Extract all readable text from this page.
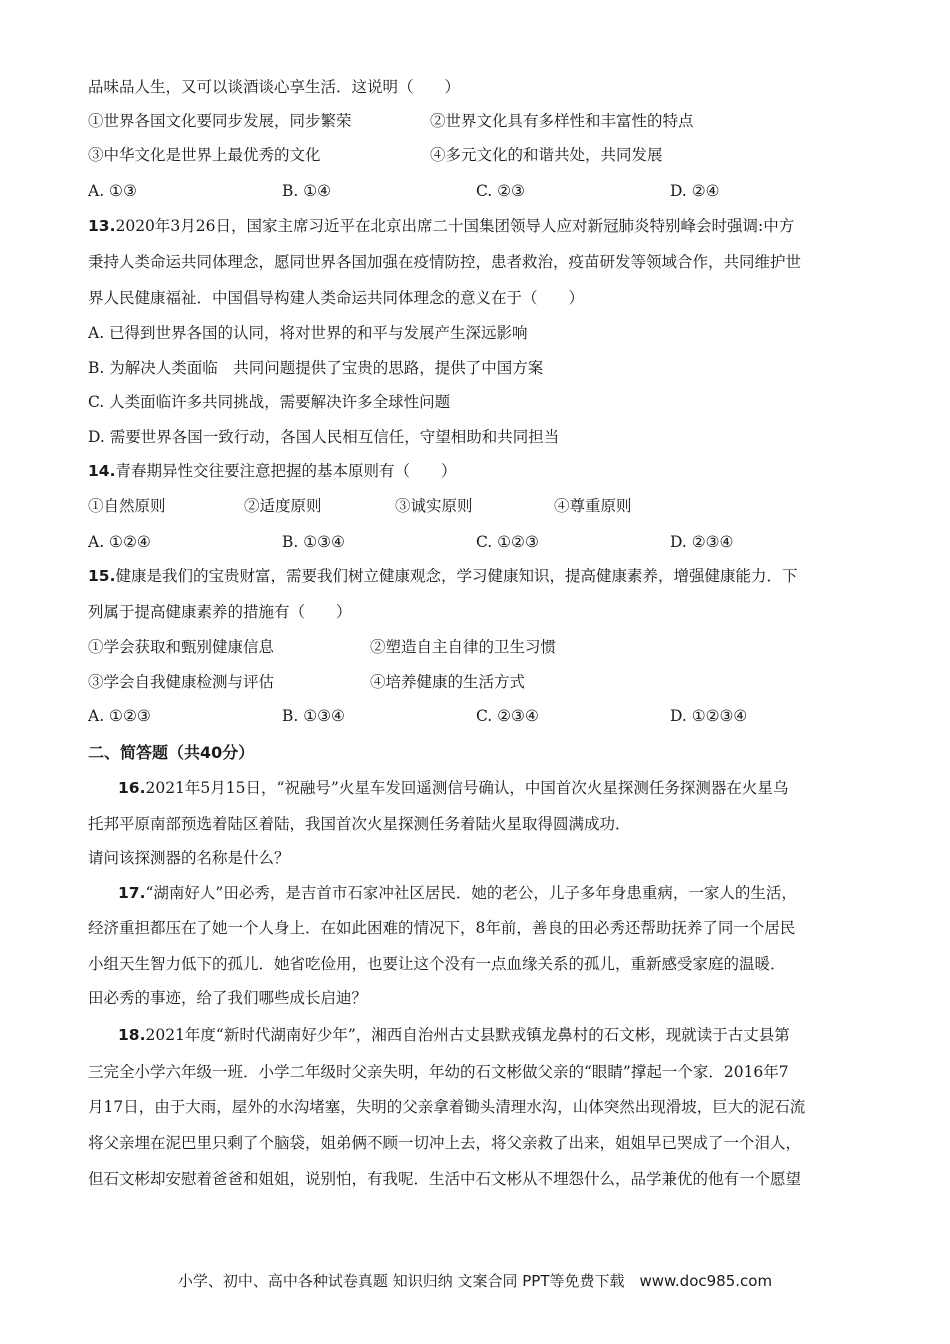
品味品人生，又可以谈酒谈心享生活．这说明（　　）
①世界各国文化要同步发展，同步繁荣	②世界文化具有多样性和丰富性的特点
③中华文化是世界上最优秀的文化	④多元文化的和谐共处，共同发展
A. ①③	B. ①④	C. ②③	D. ②④
13.2020年3月26日，国家主席习近平在北京出席二十国集团领导人应对新冠肺炎特别峰会时强调:中方
秉持人类命运共同体理念，愿同世界各国加强在疫情防控，患者救治，疫苗研发等领域合作，共同维护世
界人民健康福祉．中国倡导构建人类命运共同体理念的意义在于（　　）
A. 已得到世界各国的认同，将对世界的和平与发展产生深远影响
B. 为解决人类面临　共同问题提供了宝贵的思路，提供了中国方案
C. 人类面临许多共同挑战，需要解决许多全球性问题
D. 需要世界各国一致行动，各国人民相互信任，守望相助和共同担当
14.青春期异性交往要注意把握的基本原则有（　　）
①自然原则	②适度原则	③诚实原则	④尊重原则
A. ①②④	B. ①③④	C. ①②③	D. ②③④
15.健康是我们的宝贵财富，需要我们树立健康观念，学习健康知识，提高健康素养，增强健康能力．下
列属于提高健康素养的措施有（　　）
①学会获取和甄别健康信息	②塑造自主自律的卫生习惯
③学会自我健康检测与评估	④培养健康的生活方式
A. ①②③	B. ①③④	C. ②③④	D. ①②③④
二、简答题（共40分）
16.2021年5月15日，“祝融号”火星车发回遥测信号确认，中国首次火星探测任务探测器在火星乌
托邦平原南部预选着陆区着陆，我国首次火星探测任务着陆火星取得圆满成功．
请问该探测器的名称是什么？
17.“湖南好人”田必秀，是吉首市石家冲社区居民．她的老公，儿子多年身患重病，一家人的生活，
经济重担都压在了她一个人身上．在如此困难的情况下，8年前，善良的田必秀还帮助抚养了同一个居民
小组天生智力低下的孤儿．她省吃俭用，也要让这个没有一点血缘关系的孤儿，重新感受家庭的温暖．
田必秀的事迹，给了我们哪些成长启迪？
18.2021年度“新时代湖南好少年”，湘西自治州古丈县默戎镇龙鼻村的石文彬，现就读于古丈县第
三完全小学六年级一班．小学二年级时父亲失明，年幼的石文彬做父亲的“眼睛”撑起一个家．2016年7
月17日，由于大雨，屋外的水沟堵塞，失明的父亲拿着锄头清理水沟，山体突然出现滑坡，巨大的泥石流
将父亲埋在泥巴里只剩了个脑袋，姐弟俩不顾一切冲上去，将父亲救了出来，姐姐早已哭成了一个泪人，
但石文彬却安慰着爸爸和姐姐，说别怕，有我呢．生活中石文彬从不埋怨什么，品学兼优的他有一个愿望
小学、初中、高中各种试卷真题 知识归纳 文案合同 PPT等免费下载　www.doc985.com
